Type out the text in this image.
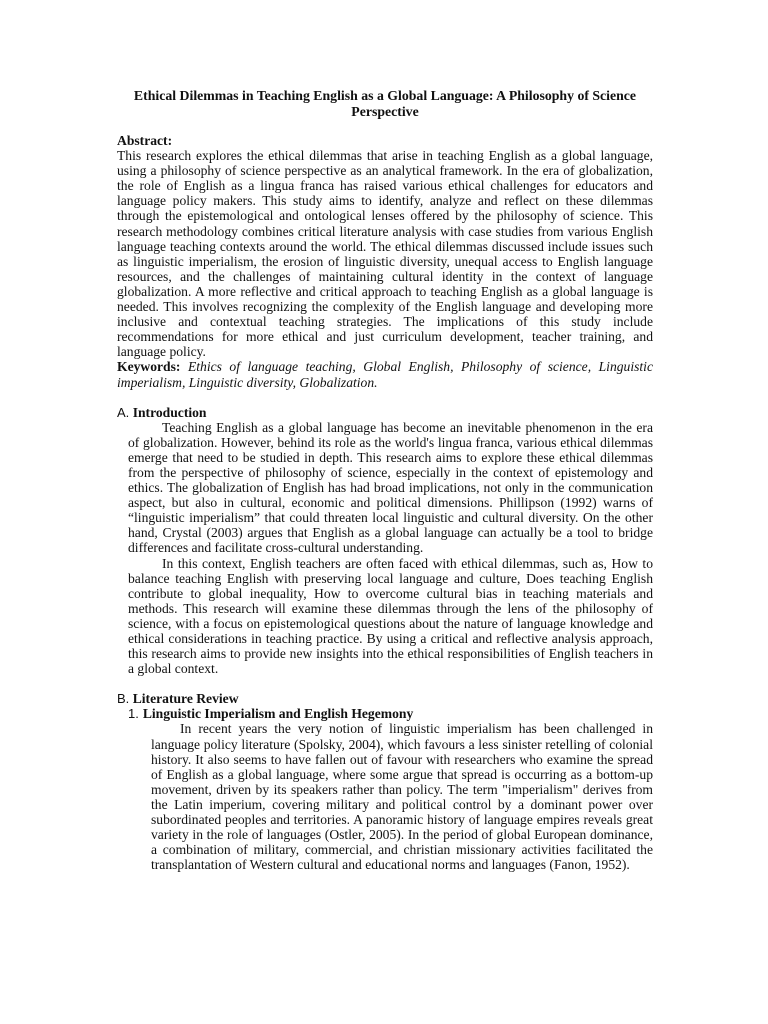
Ethical Dilemmas in Teaching English as a Global Language: A Philosophy of Science Perspective
Abstract:

This research explores the ethical dilemmas that arise in teaching English as a global language, using a philosophy of science perspective as an analytical framework. In the era of globalization, the role of English as a lingua franca has raised various ethical challenges for educators and language policy makers. This study aims to identify, analyze and reflect on these dilemmas through the epistemological and ontological lenses offered by the philosophy of science. This research methodology combines critical literature analysis with case studies from various English language teaching contexts around the world. The ethical dilemmas discussed include issues such as linguistic imperialism, the erosion of linguistic diversity, unequal access to English language resources, and the challenges of maintaining cultural identity in the context of language globalization. A more reflective and critical approach to teaching English as a global language is needed. This involves recognizing the complexity of the English language and developing more inclusive and contextual teaching strategies. The implications of this study include recommendations for more ethical and just curriculum development, teacher training, and language policy.

Keywords: Ethics of language teaching, Global English, Philosophy of science, Linguistic imperialism, Linguistic diversity, Globalization.

A. Introduction

Teaching English as a global language has become an inevitable phenomenon in the era of globalization. However, behind its role as the world's lingua franca, various ethical dilemmas emerge that need to be studied in depth. This research aims to explore these ethical dilemmas from the perspective of philosophy of science, especially in the context of epistemology and ethics. The globalization of English has had broad implications, not only in the communication aspect, but also in cultural, economic and political dimensions. Phillipson (1992) warns of “linguistic imperialism” that could threaten local linguistic and cultural diversity. On the other hand, Crystal (2003) argues that English as a global language can actually be a tool to bridge differences and facilitate cross-cultural understanding.

In this context, English teachers are often faced with ethical dilemmas, such as, How to balance teaching English with preserving local language and culture, Does teaching English contribute to global inequality, How to overcome cultural bias in teaching materials and methods. This research will examine these dilemmas through the lens of the philosophy of science, with a focus on epistemological questions about the nature of language knowledge and ethical considerations in teaching practice. By using a critical and reflective analysis approach, this research aims to provide new insights into the ethical responsibilities of English teachers in a global context.

B. Literature Review
1. Linguistic Imperialism and English Hegemony

In recent years the very notion of linguistic imperialism has been challenged in language policy literature (Spolsky, 2004), which favours a less sinister retelling of colonial history. It also seems to have fallen out of favour with researchers who examine the spread of English as a global language, where some argue that spread is occurring as a bottom-up movement, driven by its speakers rather than policy. The term "imperialism" derives from the Latin imperium, covering military and political control by a dominant power over subordinated peoples and territories. A panoramic history of language empires reveals great variety in the role of languages (Ostler, 2005). In the period of global European dominance, a combination of military, commercial, and christian missionary activities facilitated the transplantation of Western cultural and educational norms and languages (Fanon, 1952).
